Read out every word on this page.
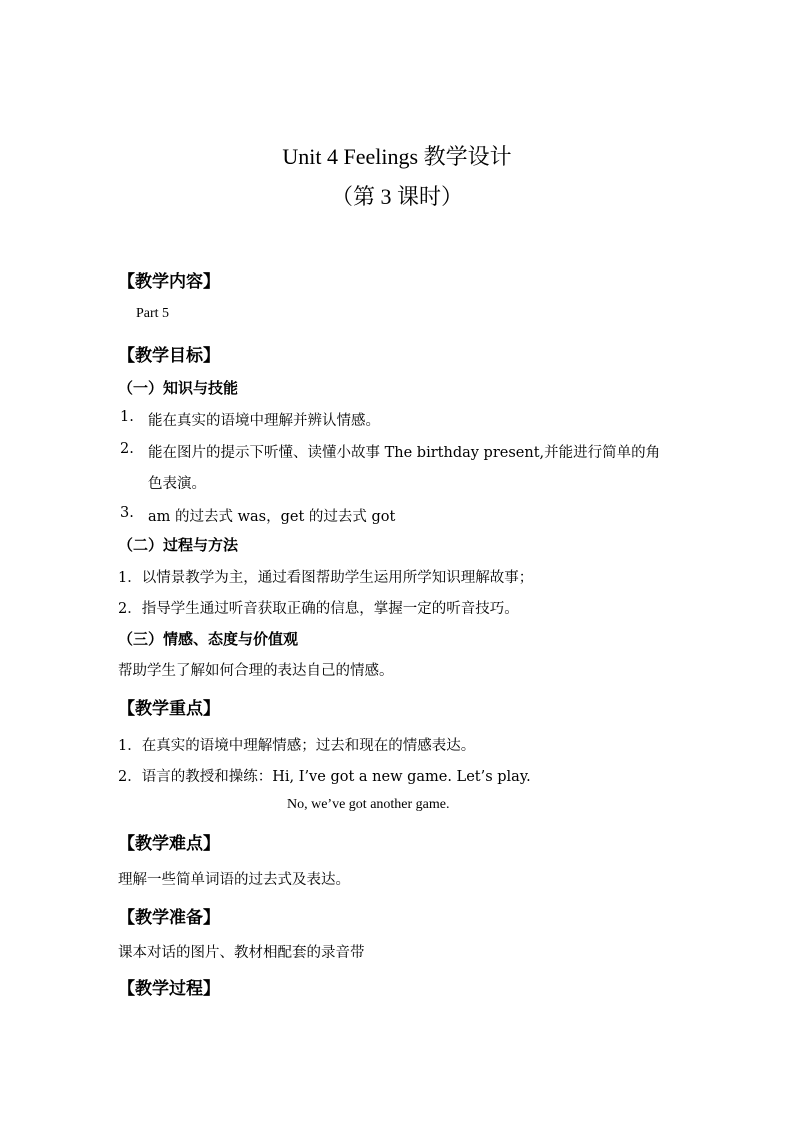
Unit 4 Feelings 教学设计
（第 3 课时）
【教学内容】
Part 5
【教学目标】
（一）知识与技能
1. 能在真实的语境中理解并辨认情感。
2. 能在图片的提示下听懂、读懂小故事 The birthday present,并能进行简单的角
色表演。
3. am 的过去式 was，get 的过去式 got
（二）过程与方法
1．以情景教学为主，通过看图帮助学生运用所学知识理解故事；
2．指导学生通过听音获取正确的信息，掌握一定的听音技巧。
（三）情感、态度与价值观
帮助学生了解如何合理的表达自己的情感。
【教学重点】
1．在真实的语境中理解情感；过去和现在的情感表达。
2．语言的教授和操练：Hi, I’ve got a new game. Let’s play.
No, we’ve got another game.
【教学难点】
理解一些简单词语的过去式及表达。
【教学准备】
课本对话的图片、教材相配套的录音带
【教学过程】
